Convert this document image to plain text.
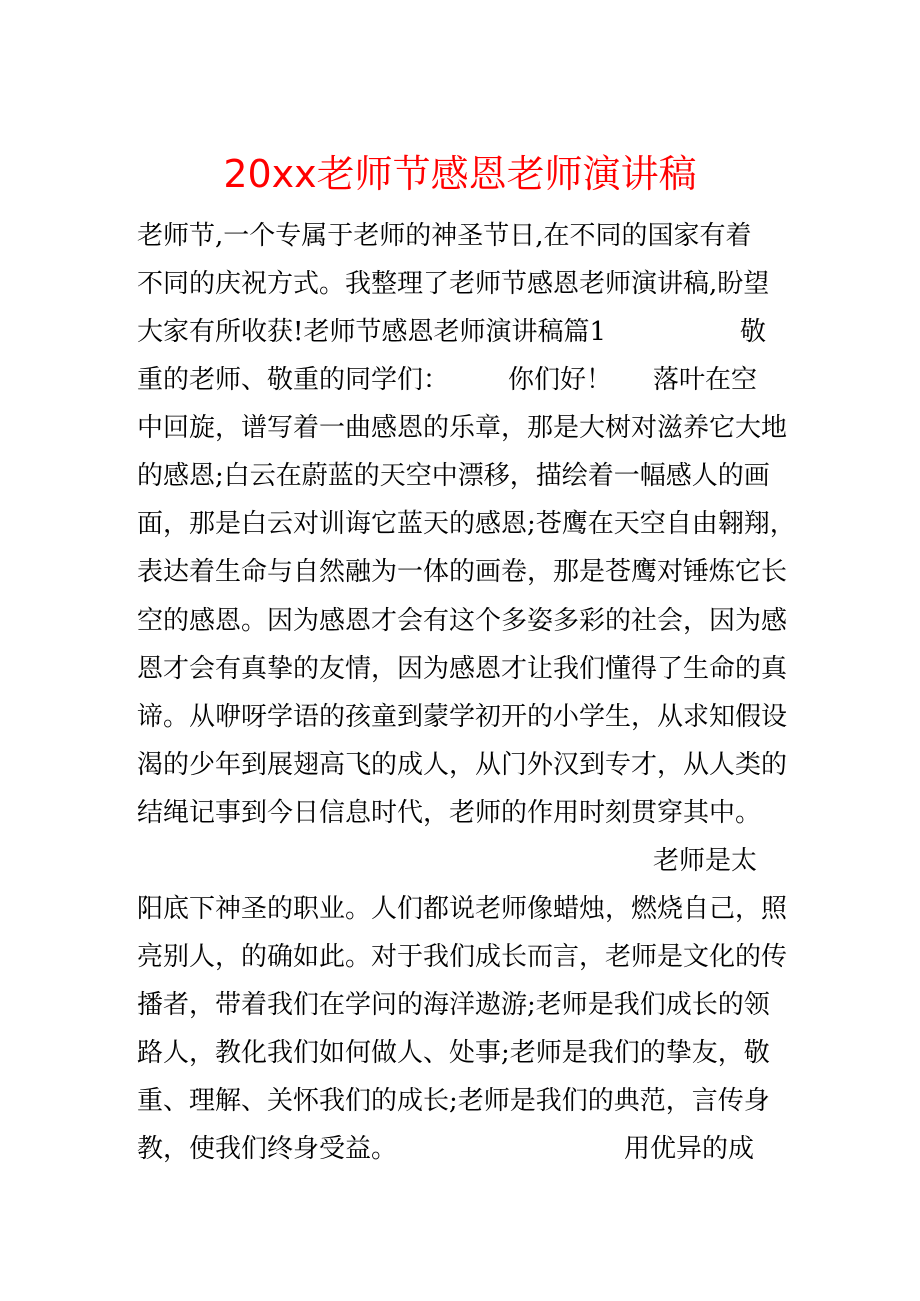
20xx老师节感恩老师演讲稿
老师节,一个专属于老师的神圣节日,在不同的国家有着
不同的庆祝方式。我整理了老师节感恩老师演讲稿,盼望
大家有所收获!老师节感恩老师演讲稿篇1	敬
重的老师、敬重的同学们： 你们好！ 落叶在空
中回旋，谱写着一曲感恩的乐章，那是大树对滋养它大地
的感恩;白云在蔚蓝的天空中漂移，描绘着一幅感人的画
面，那是白云对训诲它蓝天的感恩;苍鹰在天空自由翱翔，
表达着生命与自然融为一体的画卷，那是苍鹰对锤炼它长
空的感恩。因为感恩才会有这个多姿多彩的社会，因为感
恩才会有真挚的友情，因为感恩才让我们懂得了生命的真
谛。从咿呀学语的孩童到蒙学初开的小学生，从求知假设
渴的少年到展翅高飞的成人，从门外汉到专才，从人类的
结绳记事到今日信息时代，老师的作用时刻贯穿其中。
老师是太
阳底下神圣的职业。人们都说老师像蜡烛，燃烧自己，照
亮别人，的确如此。对于我们成长而言，老师是文化的传
播者，带着我们在学问的海洋遨游;老师是我们成长的领
路人，教化我们如何做人、处事;老师是我们的挚友，敬
重、理解、关怀我们的成长;老师是我们的典范，言传身
教，使我们终身受益。	用优异的成
